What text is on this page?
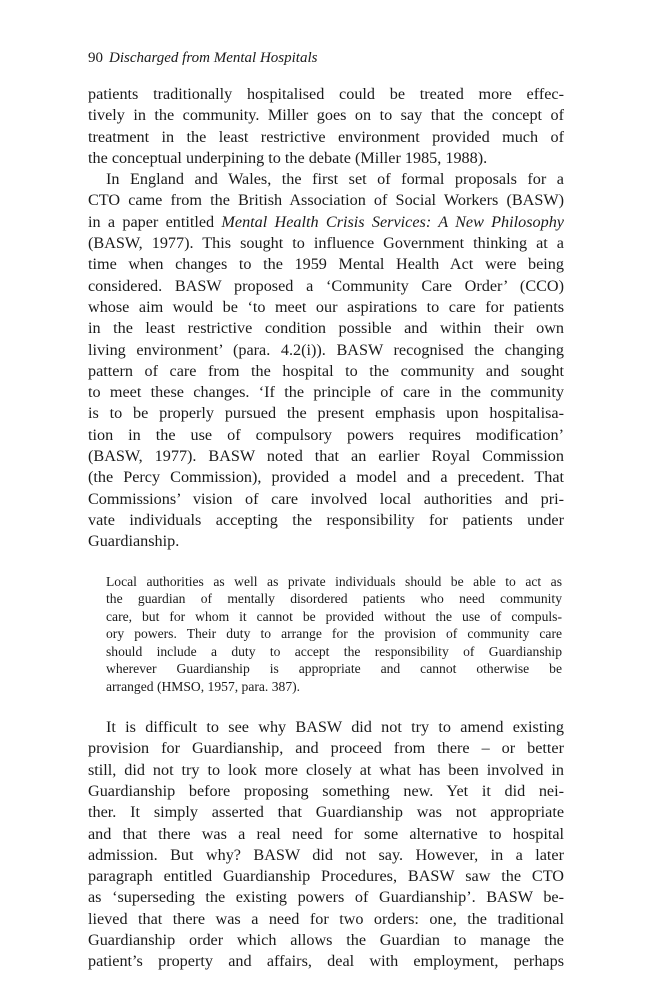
90 Discharged from Mental Hospitals
patients traditionally hospitalised could be treated more effec-
tively in the community. Miller goes on to say that the concept of
treatment in the least restrictive environment provided much of
the conceptual underpining to the debate (Miller 1985, 1988).
In England and Wales, the first set of formal proposals for a
CTO came from the British Association of Social Workers (BASW)
in a paper entitled Mental Health Crisis Services: A New Philosophy
(BASW, 1977). This sought to influence Government thinking at a
time when changes to the 1959 Mental Health Act were being
considered. BASW proposed a ‘Community Care Order’ (CCO)
whose aim would be ‘to meet our aspirations to care for patients
in the least restrictive condition possible and within their own
living environment’ (para. 4.2(i)). BASW recognised the changing
pattern of care from the hospital to the community and sought
to meet these changes. ‘If the principle of care in the community
is to be properly pursued the present emphasis upon hospitalisa-
tion in the use of compulsory powers requires modification’
(BASW, 1977). BASW noted that an earlier Royal Commission
(the Percy Commission), provided a model and a precedent. That
Commissions’ vision of care involved local authorities and pri-
vate individuals accepting the responsibility for patients under
Guardianship.
Local authorities as well as private individuals should be able to act as
the guardian of mentally disordered patients who need community
care, but for whom it cannot be provided without the use of compuls-
ory powers. Their duty to arrange for the provision of community care
should include a duty to accept the responsibility of Guardianship
wherever Guardianship is appropriate and cannot otherwise be
arranged (HMSO, 1957, para. 387).
It is difficult to see why BASW did not try to amend existing
provision for Guardianship, and proceed from there – or better
still, did not try to look more closely at what has been involved in
Guardianship before proposing something new. Yet it did nei-
ther. It simply asserted that Guardianship was not appropriate
and that there was a real need for some alternative to hospital
admission. But why? BASW did not say. However, in a later
paragraph entitled Guardianship Procedures, BASW saw the CTO
as ‘superseding the existing powers of Guardianship’. BASW be-
lieved that there was a need for two orders: one, the traditional
Guardianship order which allows the Guardian to manage the
patient’s property and affairs, deal with employment, perhaps
